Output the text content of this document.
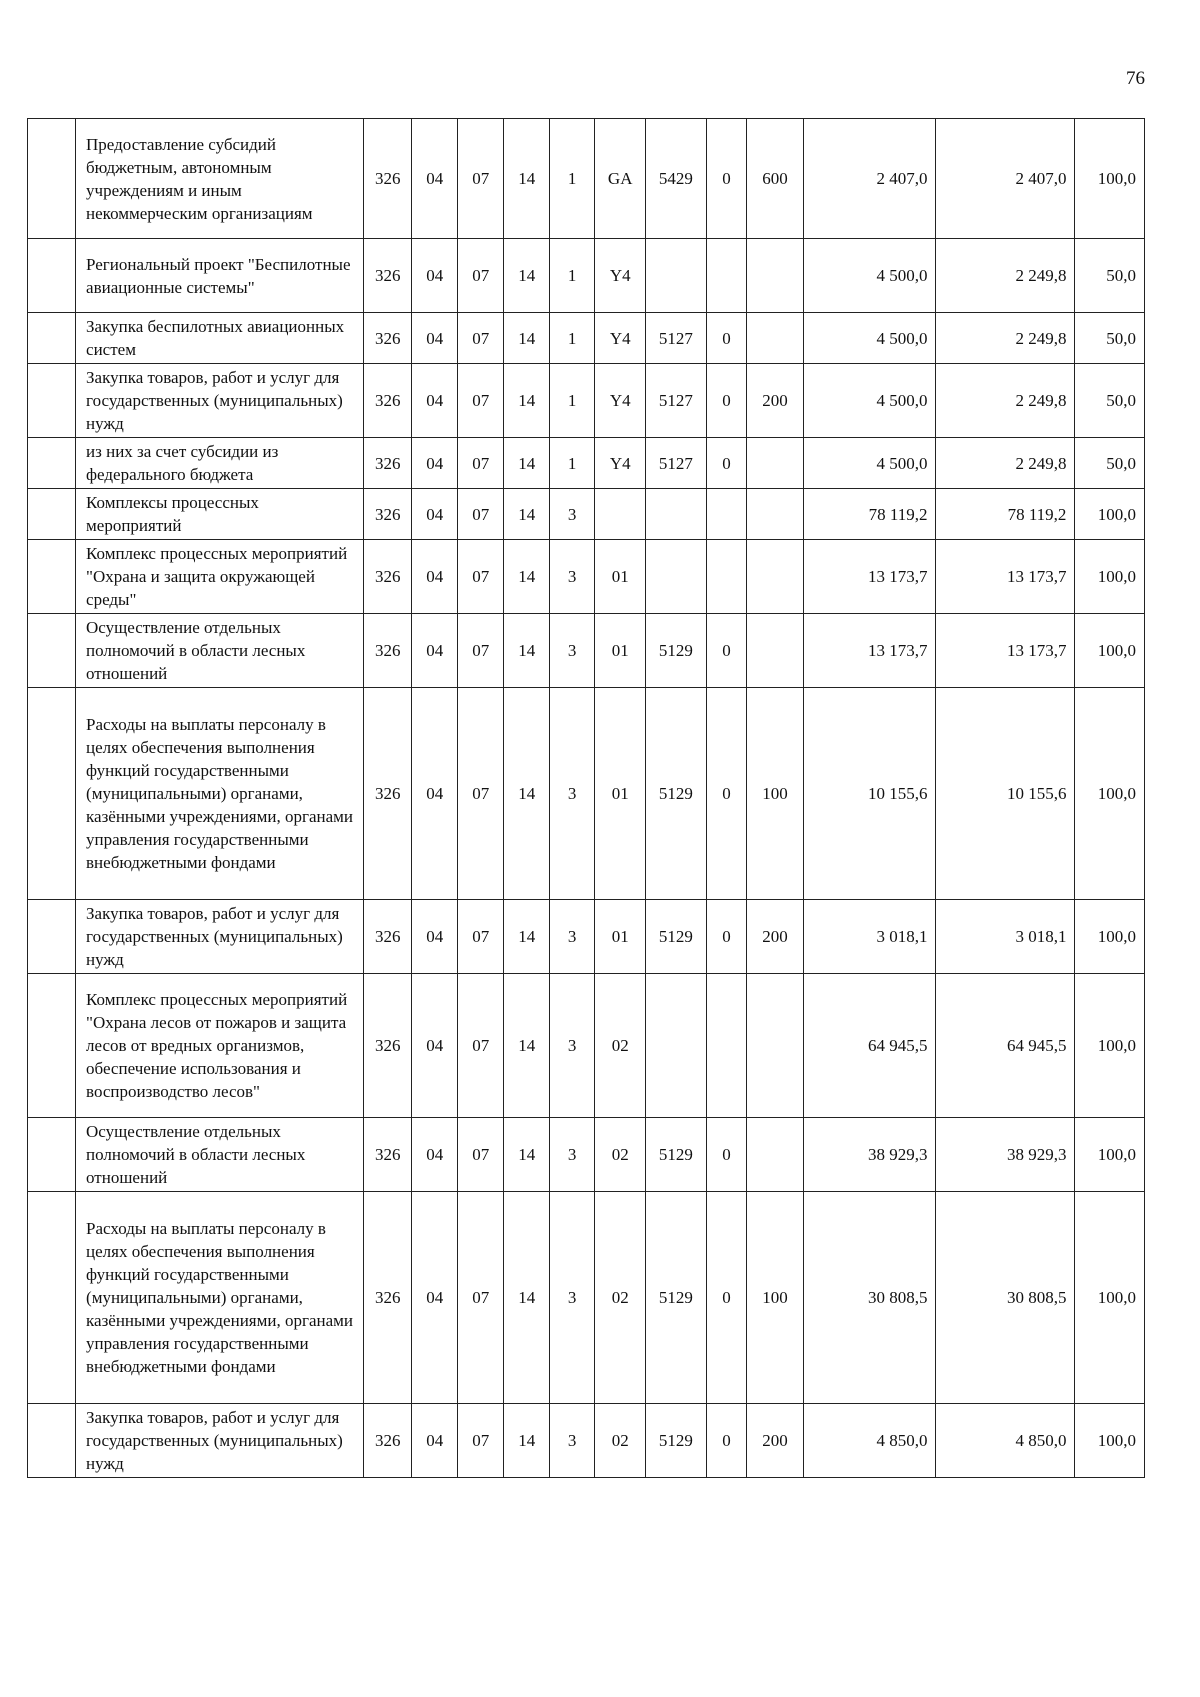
76
	Предоставление субсидий бюджетным, автономным учреждениям и иным некоммерческим организациям	326	04	07	14	1	GA	5429	0	600	2 407,0	2 407,0	100,0
	Региональный проект "Беспилотные авиационные системы"	326	04	07	14	1	Y4				4 500,0	2 249,8	50,0
	Закупка беспилотных авиационных систем	326	04	07	14	1	Y4	5127	0		4 500,0	2 249,8	50,0
	Закупка товаров, работ и услуг для государственных (муниципальных) нужд	326	04	07	14	1	Y4	5127	0	200	4 500,0	2 249,8	50,0
	из них за счет субсидии из федерального бюджета	326	04	07	14	1	Y4	5127	0		4 500,0	2 249,8	50,0
	Комплексы процессных мероприятий	326	04	07	14	3					78 119,2	78 119,2	100,0
	Комплекс процессных мероприятий "Охрана и защита окружающей среды"	326	04	07	14	3	01				13 173,7	13 173,7	100,0
	Осуществление отдельных полномочий в области лесных отношений	326	04	07	14	3	01	5129	0		13 173,7	13 173,7	100,0
	Расходы на выплаты персоналу в целях обеспечения выполнения функций государственными (муниципальными) органами, казёнными учреждениями, органами управления государственными внебюджетными фондами	326	04	07	14	3	01	5129	0	100	10 155,6	10 155,6	100,0
	Закупка товаров, работ и услуг для государственных (муниципальных) нужд	326	04	07	14	3	01	5129	0	200	3 018,1	3 018,1	100,0
	Комплекс процессных мероприятий "Охрана лесов от пожаров и защита лесов от вредных организмов, обеспечение использования и воспроизводство лесов"	326	04	07	14	3	02				64 945,5	64 945,5	100,0
	Осуществление отдельных полномочий в области лесных отношений	326	04	07	14	3	02	5129	0		38 929,3	38 929,3	100,0
	Расходы на выплаты персоналу в целях обеспечения выполнения функций государственными (муниципальными) органами, казёнными учреждениями, органами управления государственными внебюджетными фондами	326	04	07	14	3	02	5129	0	100	30 808,5	30 808,5	100,0
	Закупка товаров, работ и услуг для государственных (муниципальных) нужд	326	04	07	14	3	02	5129	0	200	4 850,0	4 850,0	100,0
